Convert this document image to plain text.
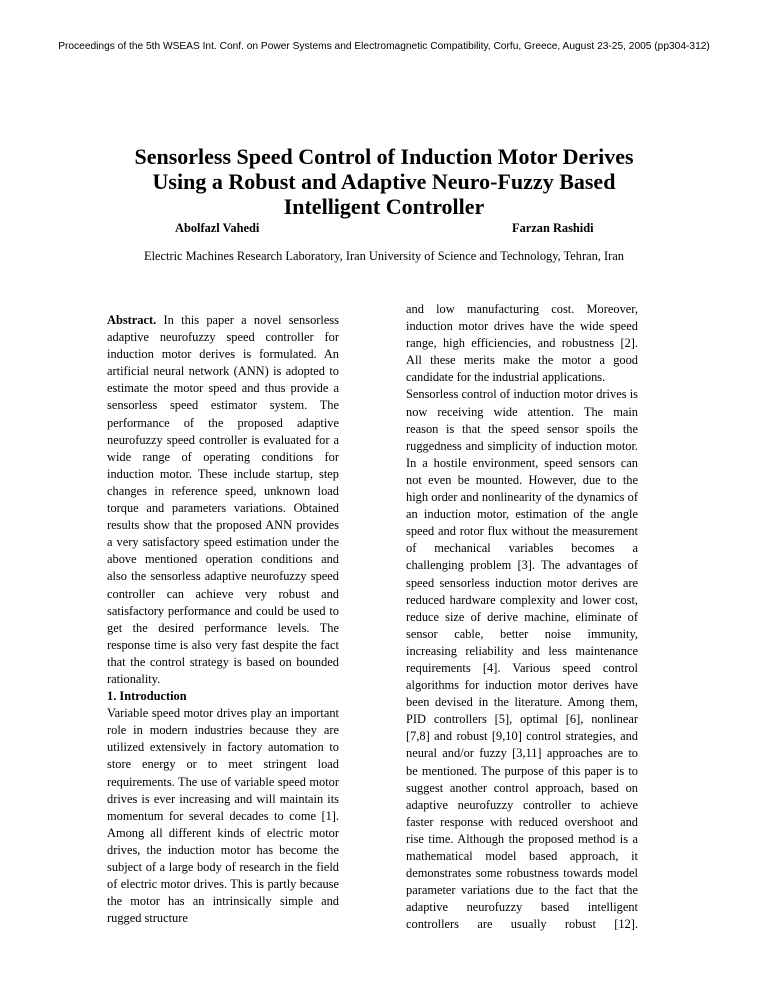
Proceedings of the 5th WSEAS Int. Conf. on Power Systems and Electromagnetic Compatibility, Corfu, Greece, August 23-25, 2005 (pp304-312)
Sensorless Speed Control of Induction Motor Derives
Using a Robust and Adaptive Neuro-Fuzzy Based
Intelligent Controller
Abolfazl Vahedi	Farzan Rashidi
Electric Machines Research Laboratory, Iran University of Science and Technology, Tehran, Iran

Abstract. In this paper a novel sensorless adaptive neurofuzzy speed controller for induction motor derives is formulated. An artificial neural network (ANN) is adopted to estimate the motor speed and thus provide a sensorless speed estimator system. The performance of the proposed adaptive neurofuzzy speed controller is evaluated for a wide range of operating conditions for induction motor. These include startup, step changes in reference speed, unknown load torque and parameters variations. Obtained results show that the proposed ANN provides a very satisfactory speed estimation under the above mentioned operation conditions and also the sensorless adaptive neurofuzzy speed controller can achieve very robust and satisfactory performance and could be used to get the desired performance levels. The response time is also very fast despite the fact that the control strategy is based on bounded rationality.

1. Introduction

Variable speed motor drives play an important role in modern industries because they are utilized extensively in factory automation to store energy or to meet stringent load requirements. The use of variable speed motor drives is ever increasing and will maintain its momentum for several decades to come [1]. Among all different kinds of electric motor drives, the induction motor has become the subject of a large body of research in the field of electric motor drives. This is partly because the motor has an intrinsically simple and rugged structure

and low manufacturing cost. Moreover, induction motor drives have the wide speed range, high efficiencies, and robustness [2]. All these merits make the motor a good candidate for the industrial applications.

Sensorless control of induction motor drives is now receiving wide attention. The main reason is that the speed sensor spoils the ruggedness and simplicity of induction motor. In a hostile environment, speed sensors can not even be mounted. However, due to the high order and nonlinearity of the dynamics of an induction motor, estimation of the angle speed and rotor flux without the measurement of mechanical variables becomes a challenging problem [3]. The advantages of speed sensorless induction motor derives are reduced hardware complexity and lower cost, reduce size of derive machine, eliminate of sensor cable, better noise immunity, increasing reliability and less maintenance requirements [4]. Various speed control algorithms for induction motor derives have been devised in the literature. Among them, PID controllers [5], optimal [6], nonlinear [7,8] and robust [9,10] control strategies, and neural and/or fuzzy [3,11] approaches are to be mentioned. The purpose of this paper is to suggest another control approach, based on adaptive neurofuzzy controller to achieve faster response with reduced overshoot and rise time. Although the proposed method is a mathematical model based approach, it demonstrates some robustness towards model parameter variations due to the fact that the adaptive neurofuzzy based intelligent controllers are usually robust [12].
